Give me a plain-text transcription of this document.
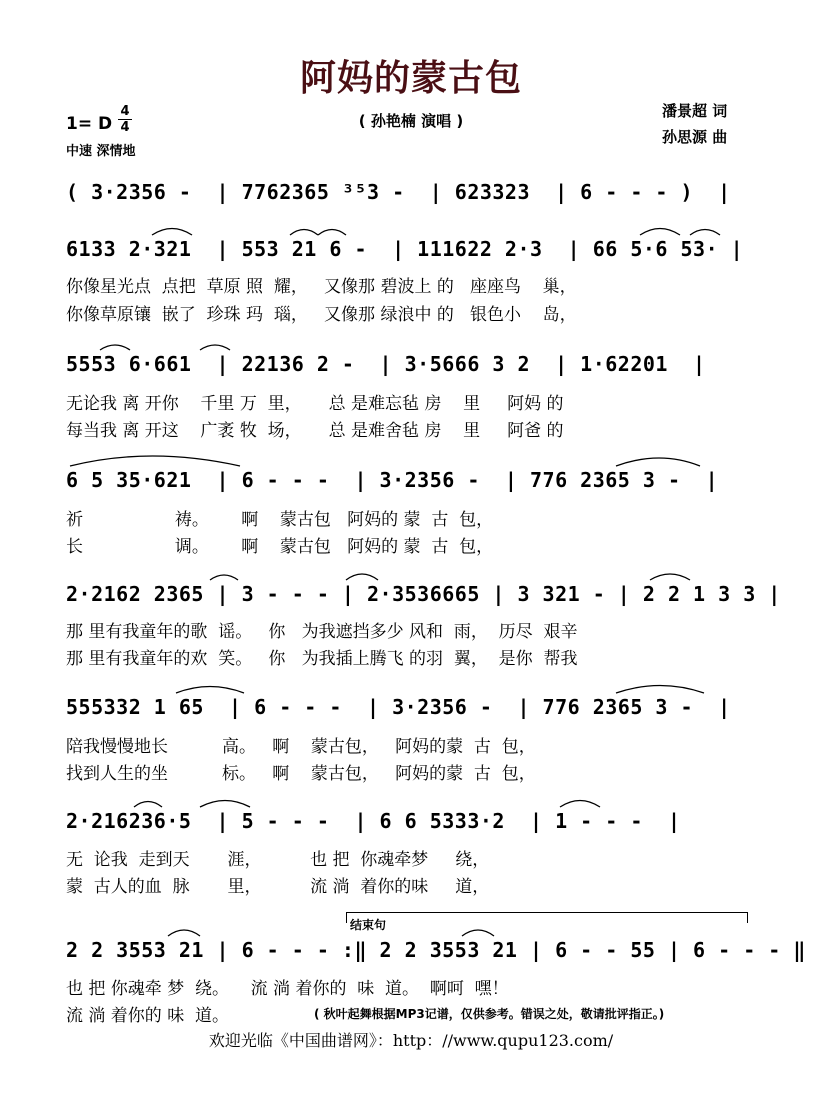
阿妈的蒙古包
1= D
4
4
中速 深情地
( 孙艳楠 演唱 )
潘景超 词
孙思源 曲
( 3·2356 -  | 7762365 ³⁵3 -  | 623323  | 6 - - - )  |
6133 2·321  | 553 21 6 -  | 111622 2·3  | 66 5·6 53· |
你像星光点  点把  草原 照  耀，   又像那 碧波上 的   座座鸟    巢，
你像草原镶  嵌了  珍珠 玛  瑙，   又像那 绿浪中 的   银色小    岛，
5553 6·661  | 22136 2 -  | 3·5666 3 2  | 1·62201  |
无论我 离 开你    千里 万  里，     总 是难忘毡 房    里     阿妈 的
每当我 离 开这    广袤 牧  场，     总 是难舍毡 房    里     阿爸 的
6 5 35·621  | 6 - - -  | 3·2356 -  | 776 2365 3 -  |
祈                 祷。      啊    蒙古包   阿妈的 蒙  古  包，
长                 调。      啊    蒙古包   阿妈的 蒙  古  包，
2·2162 2365 | 3 - - - | 2·3536665 | 3 321 - | 2 2 1 3 3 |
那 里有我童年的歌  谣。   你   为我遮挡多少 风和  雨，  历尽  艰辛
那 里有我童年的欢  笑。   你   为我插上腾飞 的羽  翼，  是你  帮我
555332 1 65  | 6 - - -  | 3·2356 -  | 776 2365 3 -  |
陪我慢慢地长          高。   啊    蒙古包，   阿妈的蒙  古  包，
找到人生的坐          标。   啊    蒙古包，   阿妈的蒙  古  包，
2·216236·5  | 5 - - -  | 6 6 5333·2  | 1 - - -  |
无  论我  走到天       涯，         也 把  你魂牵梦     绕，
蒙  古人的血  脉       里，         流 淌  着你的味     道，
结束句
2 2 3553 21 | 6 - - - :‖ 2 2 3553 21 | 6 - - 55 | 6 - - - ‖
也 把 你魂牵 梦  绕。    流 淌 着你的  味  道。  啊呵  嘿！
流 淌 着你的 味  道。	( 秋叶起舞根据MP3记谱，仅供参考。错误之处，敬请批评指正。)
欢迎光临《中国曲谱网》：http：//www.qupu123.com/
